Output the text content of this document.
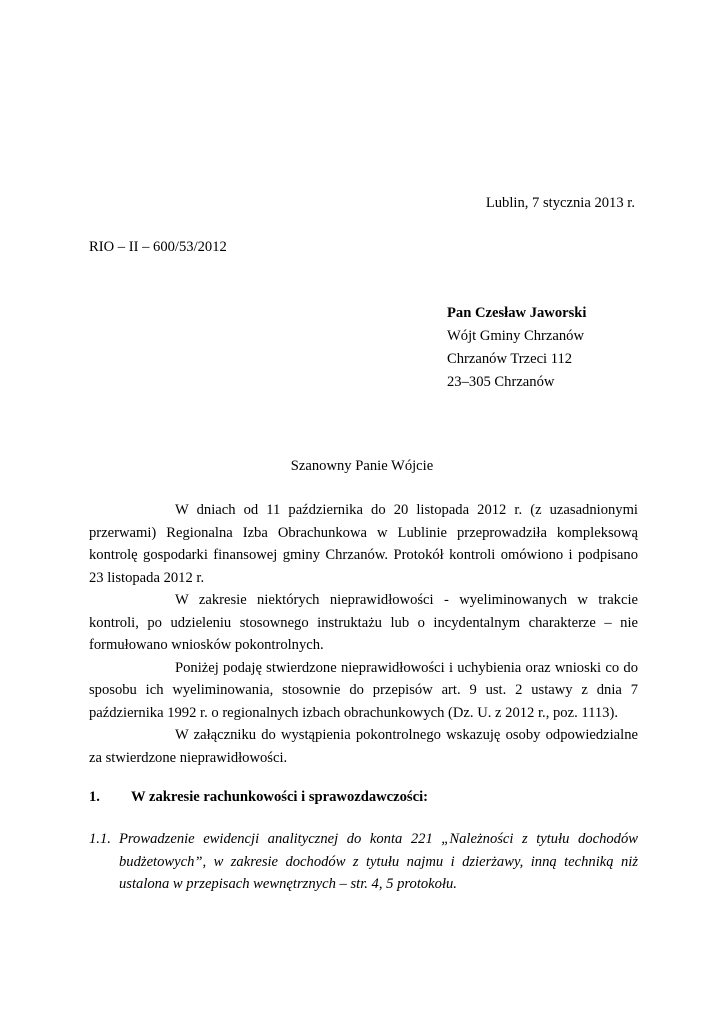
Lublin, 7 stycznia 2013 r.
RIO – II – 600/53/2012
Pan Czesław Jaworski
Wójt Gminy Chrzanów
Chrzanów Trzeci 112
23–305 Chrzanów
Szanowny Panie Wójcie

W dniach od 11 października do 20 listopada 2012 r. (z uzasadnionymi przerwami) Regionalna Izba Obrachunkowa w Lublinie przeprowadziła kompleksową kontrolę gospodarki finansowej gminy Chrzanów. Protokół kontroli omówiono i podpisano 23 listopada 2012 r.

W zakresie niektórych nieprawidłowości - wyeliminowanych w trakcie kontroli, po udzieleniu stosownego instruktażu lub o incydentalnym charakterze – nie formułowano wniosków pokontrolnych.

Poniżej podaję stwierdzone nieprawidłowości i uchybienia oraz wnioski co do sposobu ich wyeliminowania, stosownie do przepisów art. 9 ust. 2 ustawy z dnia 7 października 1992 r. o regionalnych izbach obrachunkowych (Dz. U. z 2012 r., poz. 1113).

W załączniku do wystąpienia pokontrolnego wskazuję osoby odpowiedzialne za stwierdzone nieprawidłowości.

1. W zakresie rachunkowości i sprawozdawczości:
1.1. Prowadzenie ewidencji analitycznej do konta 221 „Należności z tytułu dochodów budżetowych”, w zakresie dochodów z tytułu najmu i dzierżawy, inną techniką niż ustalona w przepisach wewnętrznych – str. 4, 5 protokołu.
